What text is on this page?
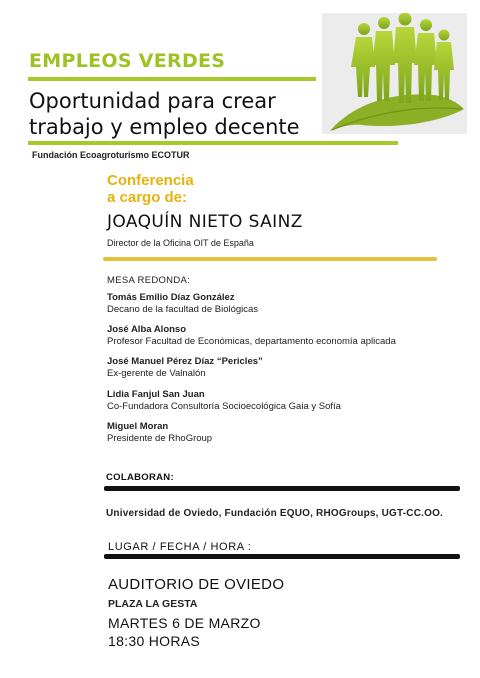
EMPLEOS VERDES
Oportunidad para crear
trabajo y empleo decente
Fundación Ecoagroturismo ECOTUR
Conferencia
a cargo de:
JOAQUÍN NIETO SAINZ
Director de la Oficina OIT de España
MESA REDONDA:
Tomás Emilio Díaz González
Decano de la facultad de Biológicas
José Alba Alonso
Profesor Facultad de Económicas, departamento economía aplicada
José Manuel Pérez Díaz “Pericles”
Ex-gerente de Valnalón
Lidia Fanjul San Juan
Co-Fundadora Consultoría Socioecológica Gaia y Sofía
Miguel Moran
Presidente de RhoGroup
COLABORAN:
Universidad de Oviedo, Fundación EQUO, RHOGroups, UGT-CC.OO.
LUGAR / FECHA / HORA :
AUDITORIO DE OVIEDO
PLAZA LA GESTA
MARTES 6 DE MARZO
18:30 HORAS
